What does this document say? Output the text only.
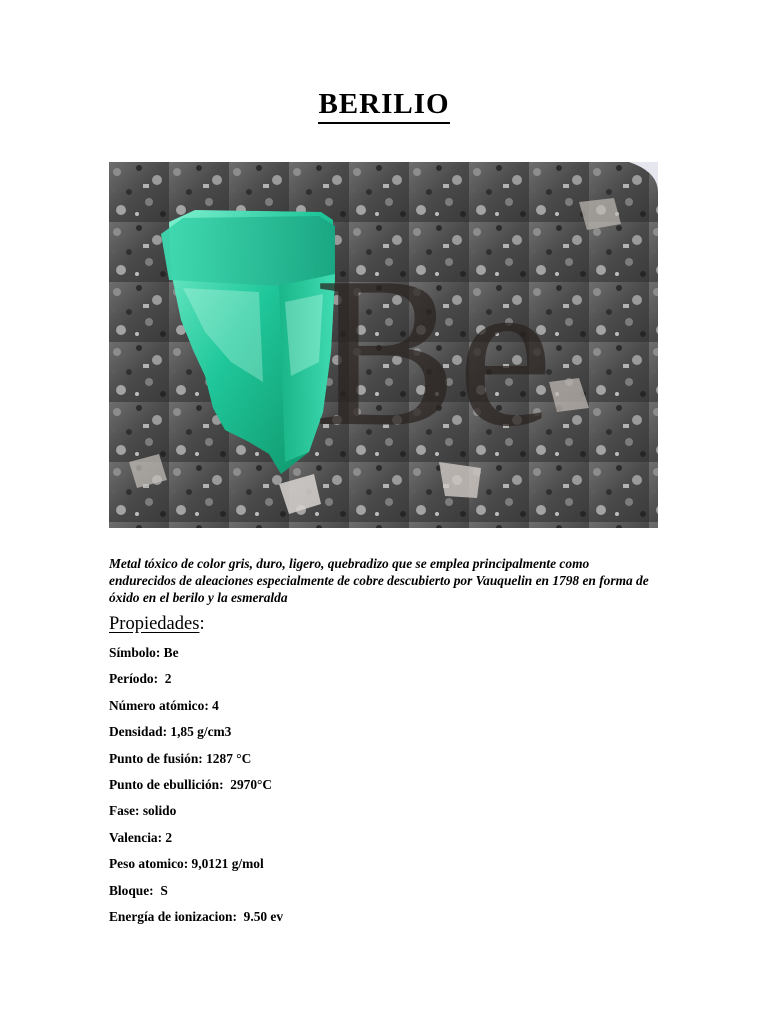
BERILIO
Be
Metal tóxico de color gris, duro, ligero, quebradizo que se emplea principalmente como endurecidos de aleaciones especialmente de cobre descubierto por Vauquelin en 1798 en forma de óxido en el berilo y la esmeralda
Propiedades:
Símbolo: Be
Período:  2
Número atómico: 4
Densidad: 1,85 g/cm3
Punto de fusión: 1287 °C
Punto de ebullición:  2970°C
Fase: solido
Valencia: 2
Peso atomico: 9,0121 g/mol
Bloque:  S
Energía de ionizacion:  9.50 ev
